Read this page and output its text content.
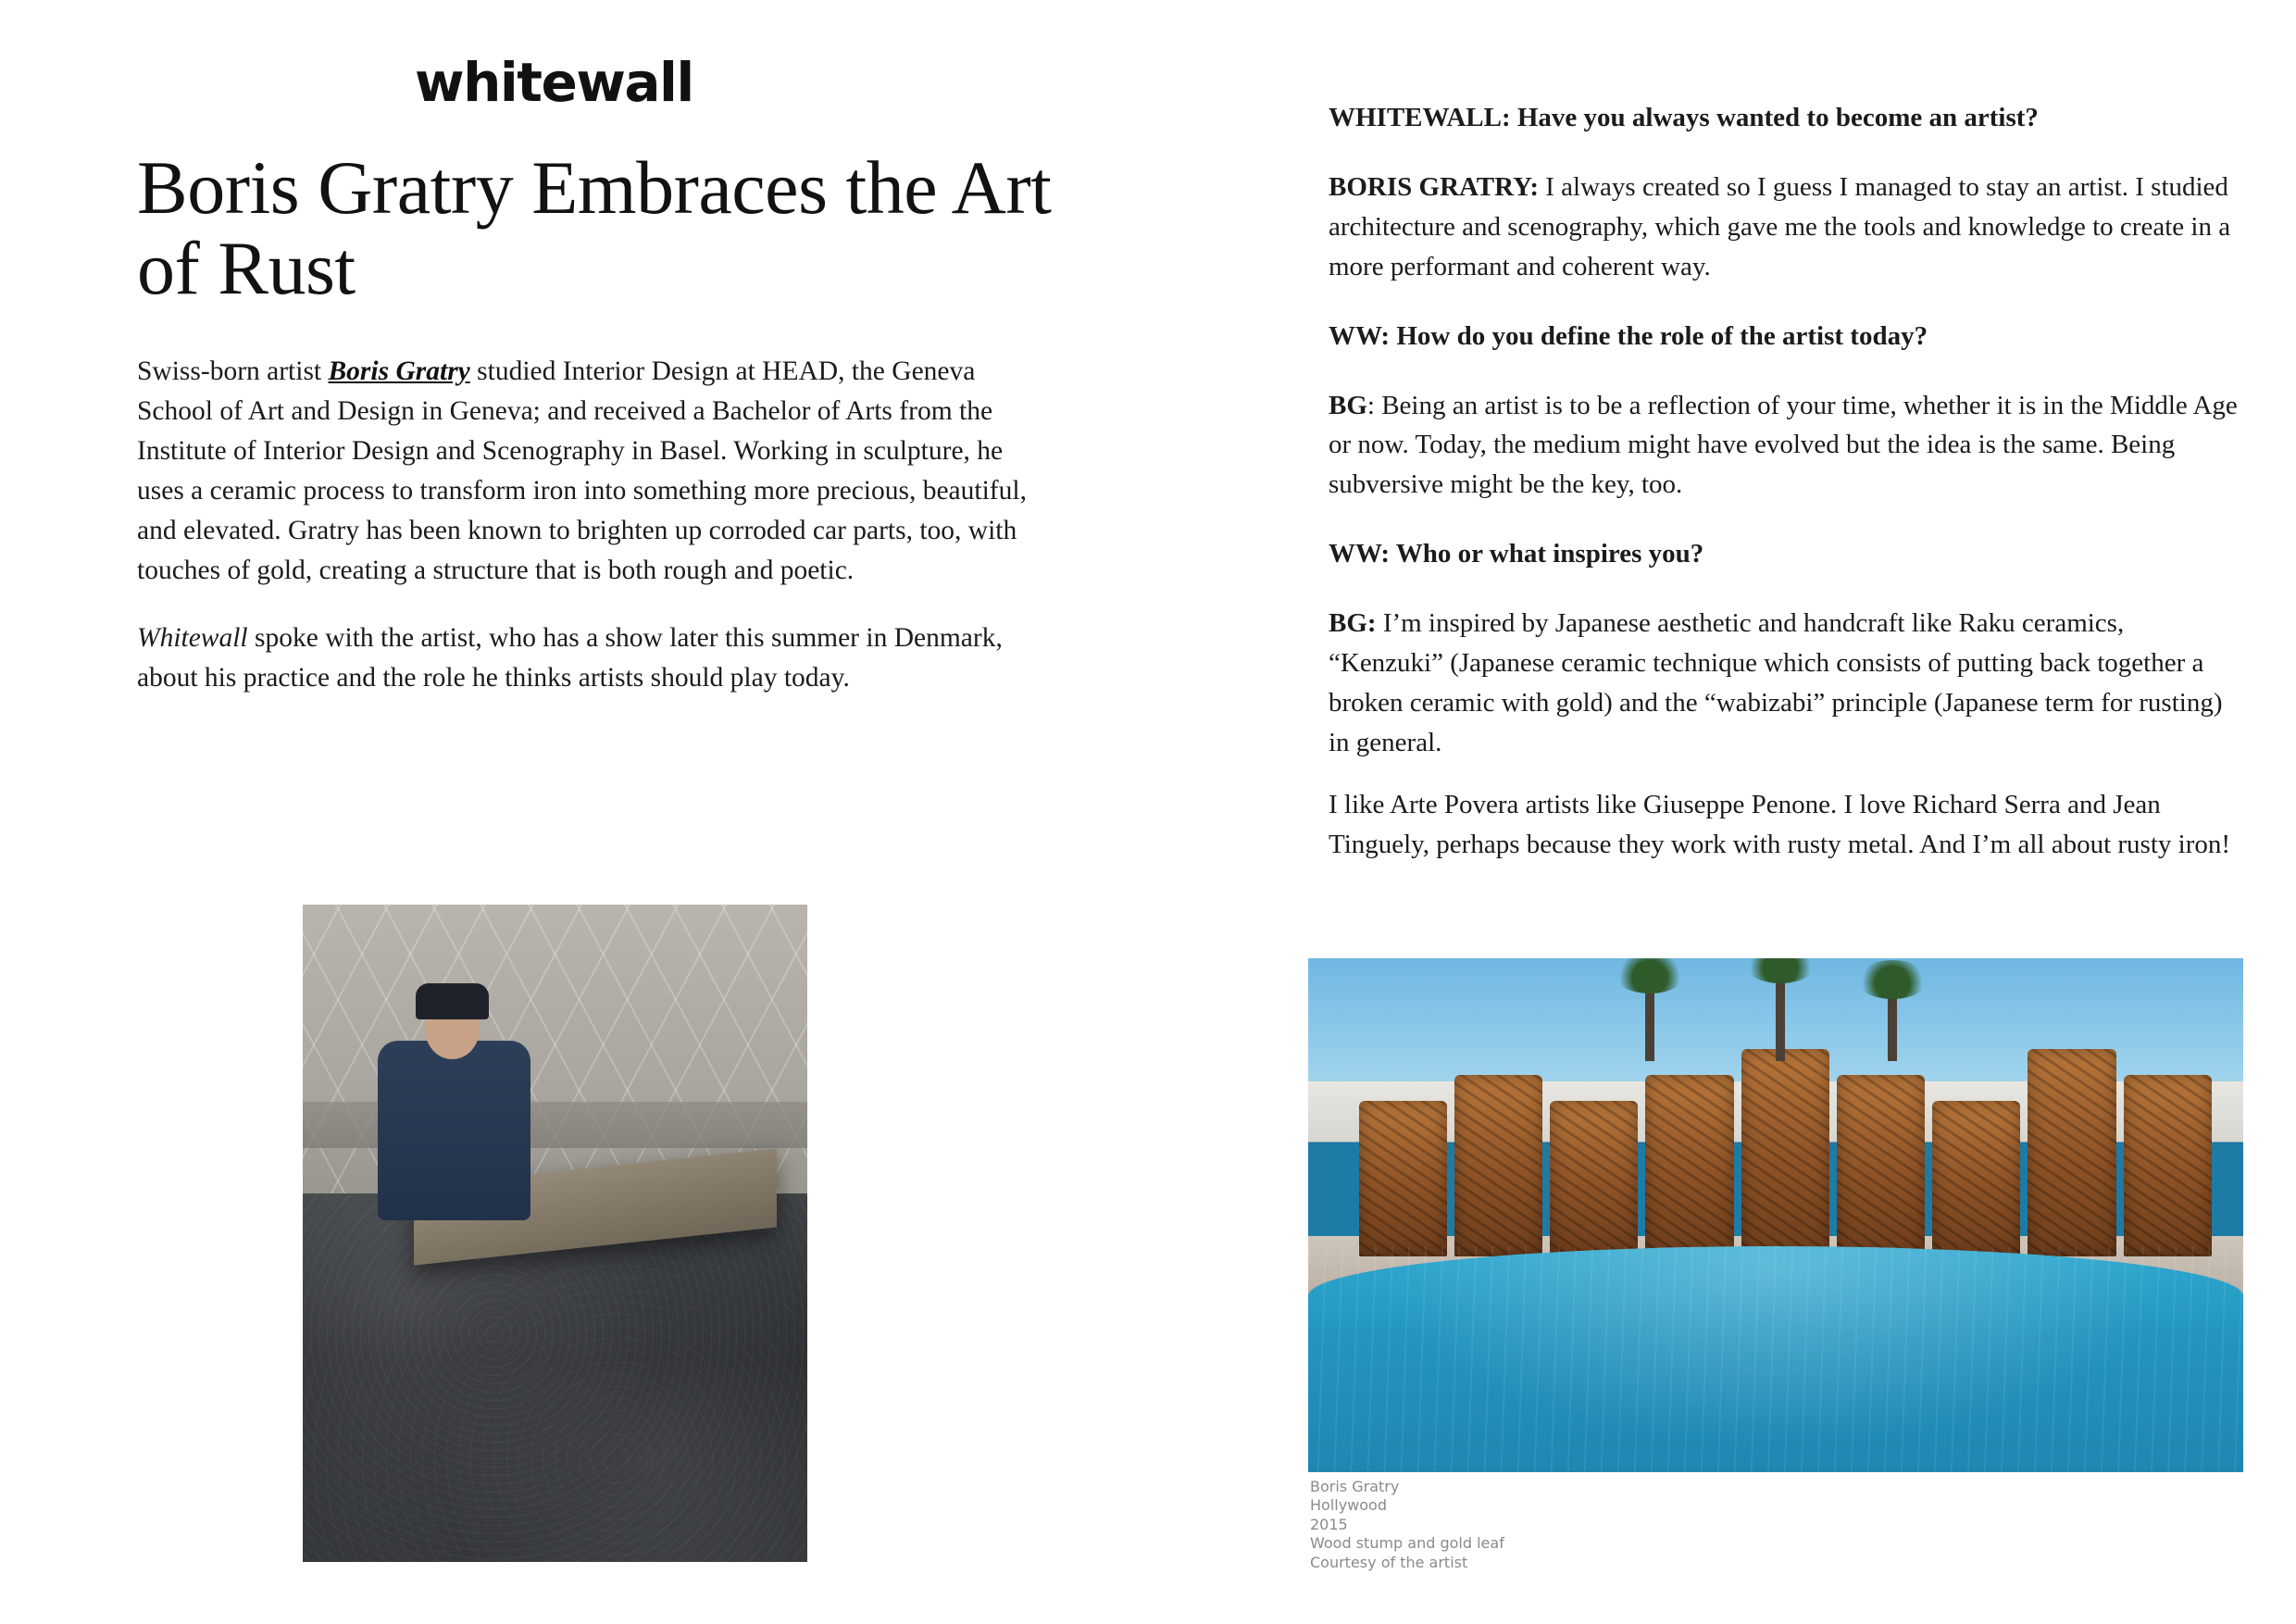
whitewall
Boris Gratry Embraces the Art of Rust

Swiss-born artist Boris Gratry studied Interior Design at HEAD, the Geneva School of Art and Design in Geneva; and received a Bachelor of Arts from the Institute of Interior Design and Scenography in Basel. Working in sculpture, he uses a ceramic process to transform iron into something more precious, beautiful, and elevated. Gratry has been known to brighten up corroded car parts, too, with touches of gold, creating a structure that is both rough and poetic.

Whitewall spoke with the artist, who has a show later this summer in Denmark, about his practice and the role he thinks artists should play today.

WHITEWALL: Have you always wanted to become an artist?

BORIS GRATRY: I always created so I guess I managed to stay an artist. I studied architecture and scenography, which gave me the tools and knowledge to create in a more performant and coherent way.

WW: How do you define the role of the artist today?

BG: Being an artist is to be a reflection of your time, whether it is in the Middle Age or now. Today, the medium might have evolved but the idea is the same. Being subversive might be the key, too.

WW: Who or what inspires you?

BG: I’m inspired by Japanese aesthetic and handcraft like Raku ceramics, “Kenzuki” (Japanese ceramic technique which consists of putting back together a broken ceramic with gold) and the “wabizabi” principle (Japanese term for rusting) in general.

I like Arte Povera artists like Giuseppe Penone. I love Richard Serra and Jean Tinguely, perhaps because they work with rusty metal. And I’m all about rusty iron!

Boris Gratry
Hollywood
2015
Wood stump and gold leaf
Courtesy of the artist
